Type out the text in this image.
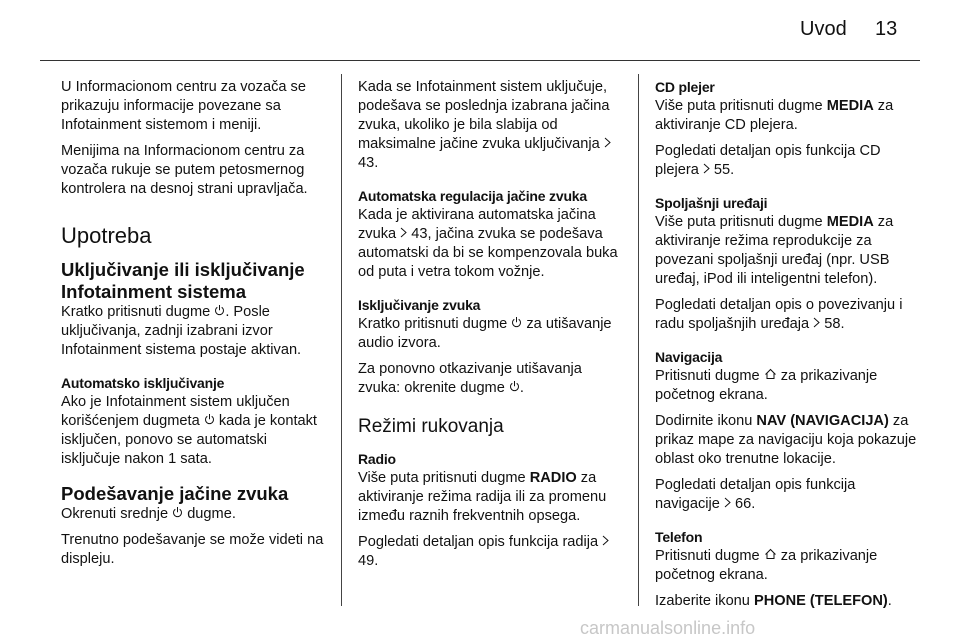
Uvod 13

U Informacionom centru za vozača se prikazuju informacije povezane sa Infotainment sistemom i meniji.

Menijima na Informacionom centru za vozača rukuje se putem petosmernog kontrolera na desnoj strani upravljača.

Upotreba
Uključivanje ili isključivanje Infotainment sistema

Kratko pritisnuti dugme . Posle uključivanja, zadnji izabrani izvor Infotainment sistema postaje aktivan.

Automatsko isključivanje

Ako je Infotainment sistem uključen korišćenjem dugmeta  kada je kontakt isključen, ponovo se automatski isključuje nakon 1 sata.

Podešavanje jačine zvuka

Okrenuti srednje  dugme.

Trenutno podešavanje se može videti na displeju.

Kada se Infotainment sistem uključuje, podešava se poslednja izabrana jačina zvuka, ukoliko je bila slabija od maksimalne jačine zvuka uključivanja  43.

Automatska regulacija jačine zvuka

Kada je aktivirana automatska jačina zvuka  43, jačina zvuka se podešava automatski da bi se kompenzovala buka od puta i vetra tokom vožnje.

Isključivanje zvuka

Kratko pritisnuti dugme  za utišavanje audio izvora.

Za ponovno otkazivanje utišavanja zvuka: okrenite dugme .

Režimi rukovanja
Radio

Više puta pritisnuti dugme RADIO za aktiviranje režima radija ili za promenu između raznih frekventnih opsega.

Pogledati detaljan opis funkcija radija  49.

CD plejer

Više puta pritisnuti dugme MEDIA za aktiviranje CD plejera.

Pogledati detaljan opis funkcija CD plejera  55.

Spoljašnji uređaji

Više puta pritisnuti dugme MEDIA za aktiviranje režima reprodukcije za povezani spoljašnji uređaj (npr. USB uređaj, iPod ili inteligentni telefon).

Pogledati detaljan opis o povezivanju i radu spoljašnjih uređaja  58.

Navigacija

Pritisnuti dugme  za prikazivanje početnog ekrana.

Dodirnite ikonu NAV (NAVIGACIJA) za prikaz mape za navigaciju koja pokazuje oblast oko trenutne lokacije.

Pogledati detaljan opis funkcija navigacije  66.

Telefon

Pritisnuti dugme  za prikazivanje početnog ekrana.

Izaberite ikonu PHONE (TELEFON).

carmanualsonline.info
